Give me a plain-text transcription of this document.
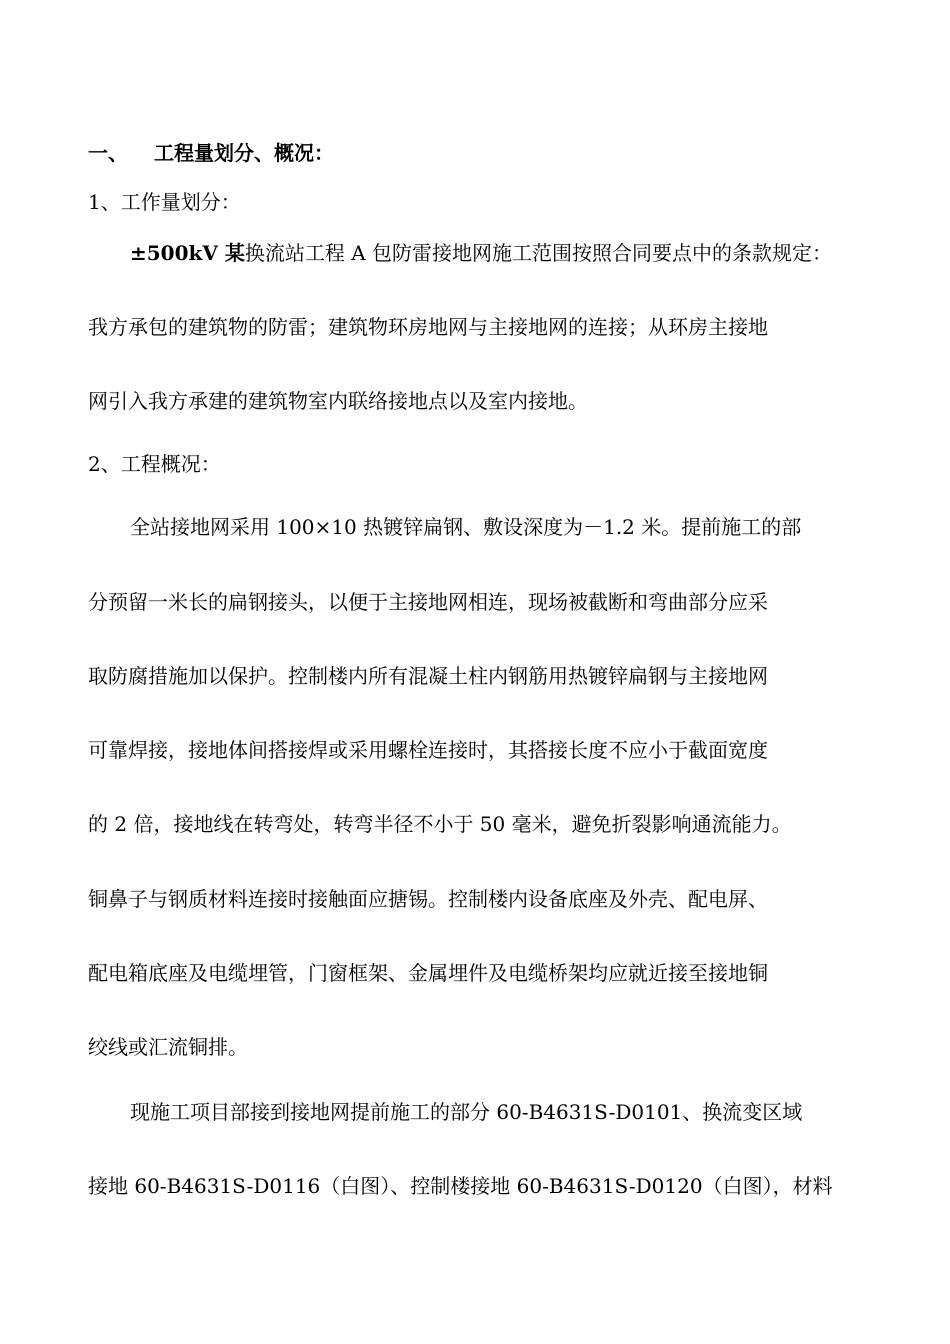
一、 工程量划分、概况：
1、工作量划分：
±500kV 某换流站工程 A 包防雷接地网施工范围按照合同要点中的条款规定：
我方承包的建筑物的防雷；建筑物环房地网与主接地网的连接；从环房主接地
网引入我方承建的建筑物室内联络接地点以及室内接地。
2、工程概况：
全站接地网采用 100×10 热镀锌扁钢、敷设深度为－1.2 米。提前施工的部
分预留一米长的扁钢接头，以便于主接地网相连，现场被截断和弯曲部分应采
取防腐措施加以保护。控制楼内所有混凝土柱内钢筋用热镀锌扁钢与主接地网
可靠焊接，接地体间搭接焊或采用螺栓连接时，其搭接长度不应小于截面宽度
的 2 倍，接地线在转弯处，转弯半径不小于 50 毫米，避免折裂影响通流能力。
铜鼻子与钢质材料连接时接触面应搪锡。控制楼内设备底座及外壳、配电屏、
配电箱底座及电缆埋管，门窗框架、金属埋件及电缆桥架均应就近接至接地铜
绞线或汇流铜排。
现施工项目部接到接地网提前施工的部分 60-B4631S-D0101、换流变区域
接地 60-B4631S-D0116（白图）、控制楼接地 60-B4631S-D0120（白图），材料
